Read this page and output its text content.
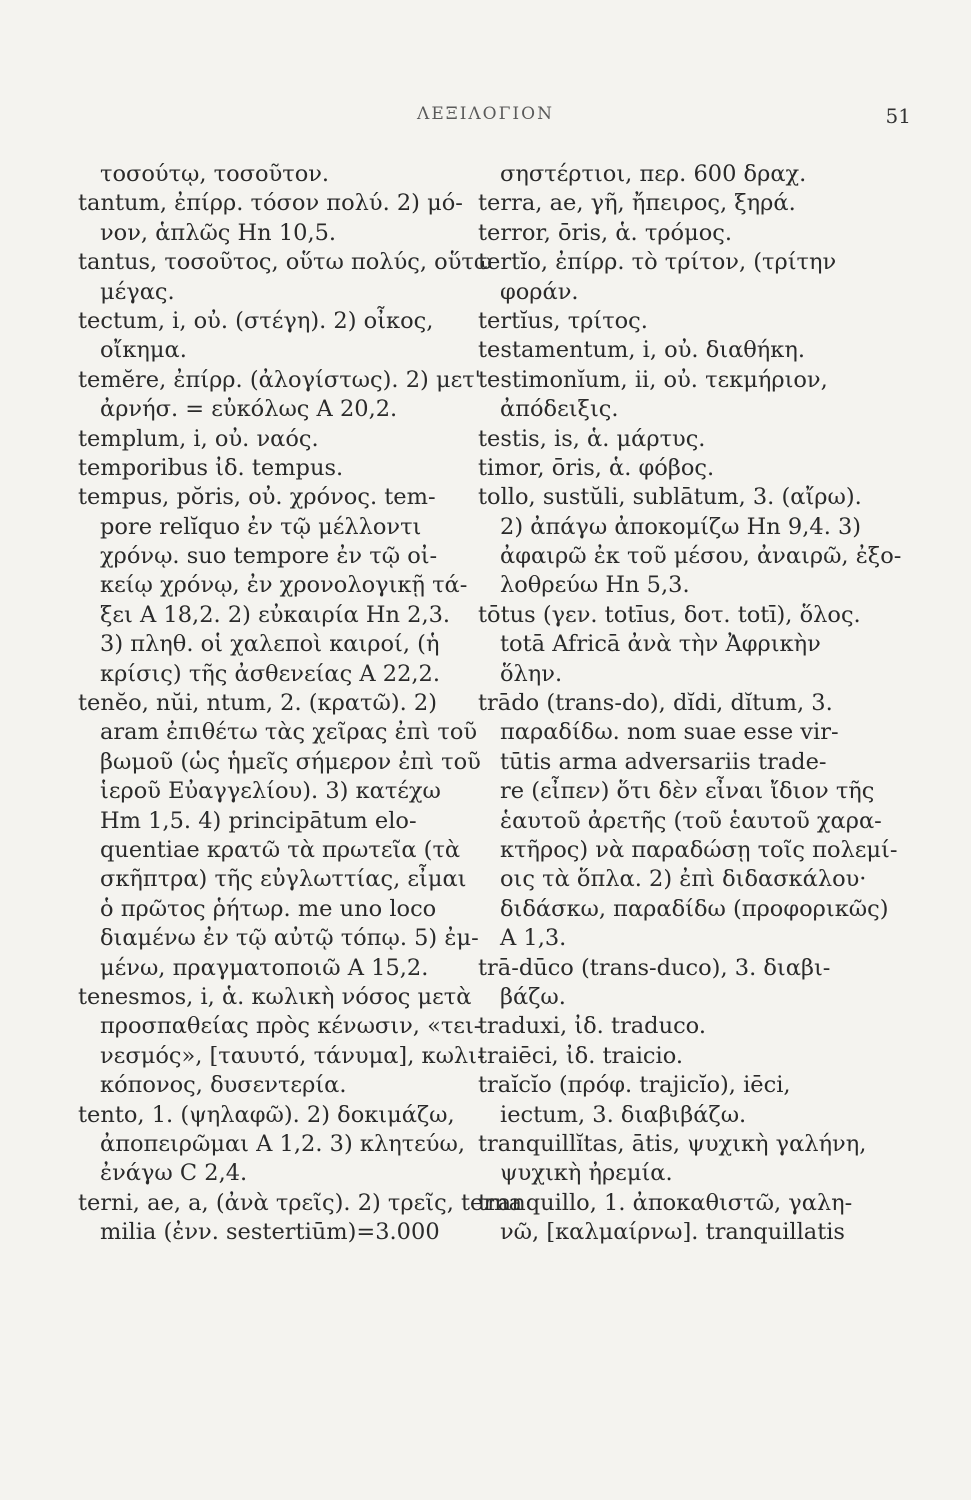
ΛΕΞΙΛΟΓΙΟΝ	51
τοσούτῳ, τοσοῦτον.
tantum, ἐπίρρ. τόσον πολύ. 2) μό-
νον, ἁπλῶς Hn 10,5.
tantus, τοσοῦτος, οὕτω πολύς, οὕτω
μέγας.
tectum, i, οὐ. (στέγη). 2) οἶκος,
οἴκημα.
temĕre, ἐπίρρ. (ἀλογίστως). 2) μετ'
ἀρνήσ. = εὐκόλως A 20,2.
templum, i, οὐ. ναός.
temporibus ἰδ. tempus.
tempus, pŏris, οὐ. χρόνος. tem-
pore relĭquo ἐν τῷ μέλλοντι
χρόνῳ. suo tempore ἐν τῷ οἰ-
κείῳ χρόνῳ, ἐν χρονολογικῇ τά-
ξει A 18,2. 2) εὐκαιρία Hn 2,3.
3) πληθ. οἱ χαλεποὶ καιροί, (ἡ
κρίσις) τῆς ἀσθενείας A 22,2.
tenĕo, nŭi, ntum, 2. (κρατῶ). 2)
aram ἐπιθέτω τὰς χεῖρας ἐπὶ τοῦ
βωμοῦ (ὡς ἡμεῖς σήμερον ἐπὶ τοῦ
ἱεροῦ Εὐαγγελίου). 3) κατέχω
Hm 1,5. 4) principātum elo-
quentiae κρατῶ τὰ πρωτεῖα (τὰ
σκῆπτρα) τῆς εὐγλωττίας, εἶμαι
ὁ πρῶτος ῥήτωρ. me uno loco
διαμένω ἐν τῷ αὐτῷ τόπῳ. 5) ἐμ-
μένω, πραγματοποιῶ A 15,2.
tenesmos, i, ἁ. κωλικὴ νόσος μετὰ
προσπαθείας πρὸς κένωσιν, «τει-
νεσμός», [ταυυτό, τάνυμα], κωλι-
κόπονος, δυσεντερία.
tento, 1. (ψηλαφῶ). 2) δοκιμάζω,
ἀποπειρῶμαι A 1,2. 3) κλητεύω,
ἐνάγω C 2,4.
terni, ae, a, (ἀνὰ τρεῖς). 2) τρεῖς, terna
milia (ἐνν. sestertiūm)=3.000
σηστέρτιοι, περ. 600 δραχ.
terra, ae, γῆ, ἤπειρος, ξηρά.
terror, ōris, ἁ. τρόμος.
tertĭo, ἐπίρρ. τὸ τρίτον, (τρίτην
φοράν.
tertĭus, τρίτος.
testamentum, i, οὐ. διαθήκη.
testimonĭum, ii, οὐ. τεκμήριον,
ἀπόδειξις.
testis, is, ἁ. μάρτυς.
timor, ōris, ἁ. φόβος.
tollo, sustŭli, sublātum, 3. (αἴρω).
2) ἀπάγω ἀποκομίζω Hn 9,4. 3)
ἀφαιρῶ ἐκ τοῦ μέσου, ἀναιρῶ, ἐξο-
λοθρεύω Hn 5,3.
tōtus (γεν. totīus, δοτ. totī), ὅλος.
totā Africā ἀνὰ τὴν Ἀφρικὴν
ὅλην.
trādo (trans-do), dĭdi, dĭtum, 3.
παραδίδω. nom suae esse vir-
tūtis arma adversariis trade-
re (εἶπεν) ὅτι δὲν εἶναι ἴδιον τῆς
ἑαυτοῦ ἀρετῆς (τοῦ ἑαυτοῦ χαρα-
κτῆρος) νὰ παραδώσῃ τοῖς πολεμί-
οις τὰ ὅπλα. 2) ἐπὶ διδασκάλου·
διδάσκω, παραδίδω (προφορικῶς)
A 1,3.
trā-dūco (trans-duco), 3. διαβι-
βάζω.
traduxi, ἰδ. traduco.
traiēci, ἰδ. traicio.
traĭcĭo (πρόφ. trajicĭo), iēci,
iectum, 3. διαβιβάζω.
tranquillĭtas, ātis, ψυχικὴ γαλήνη,
ψυχικὴ ἠρεμία.
tranquillo, 1. ἀποκαθιστῶ, γαλη-
νῶ, [καλμαίρνω]. tranquillatis
